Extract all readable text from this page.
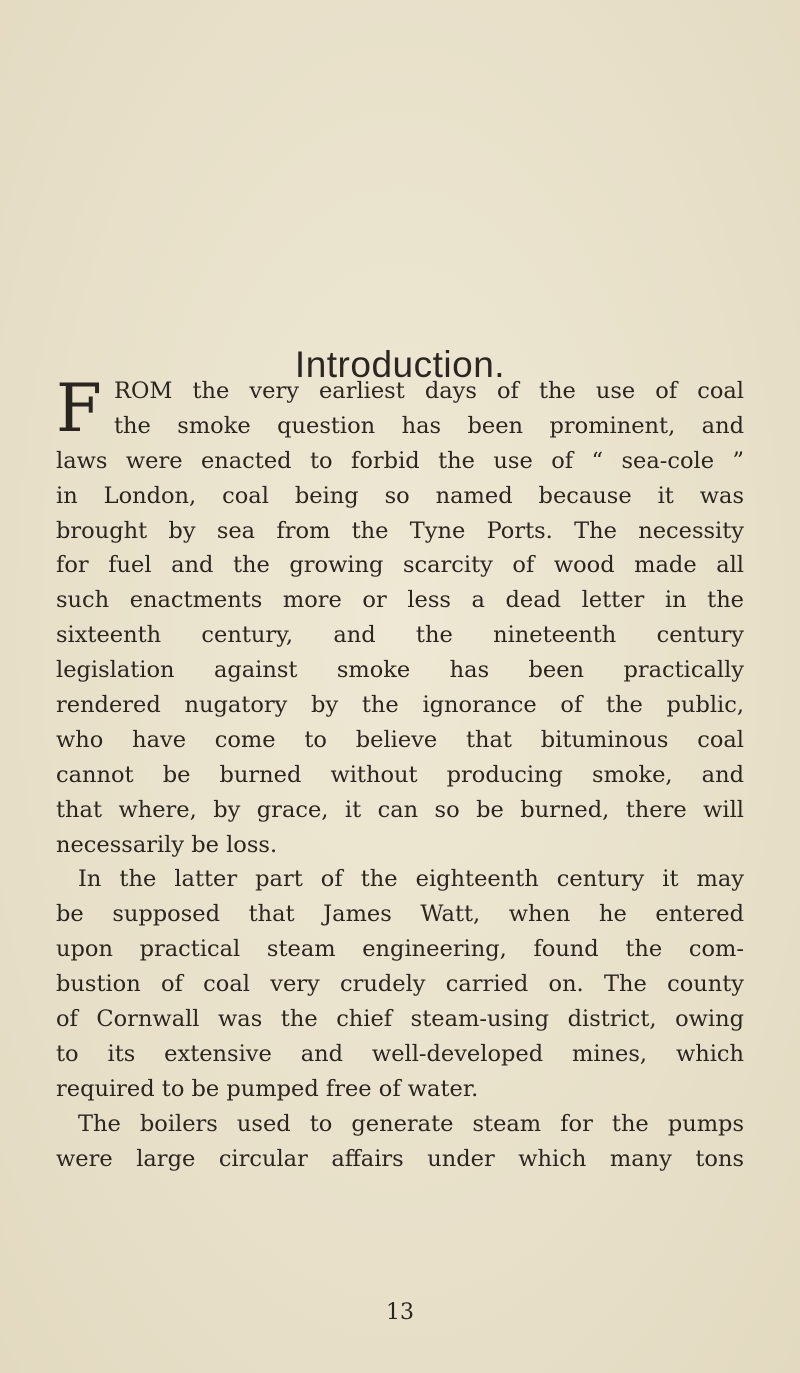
Introduction.
F ROM the very earliest days of the use of coal
the smoke question has been prominent, and
laws were enacted to forbid the use of “ sea-cole ”
in London, coal being so named because it was
brought by sea from the Tyne Ports. The necessity
for fuel and the growing scarcity of wood made all
such enactments more or less a dead letter in the
sixteenth century, and the nineteenth century
legislation against smoke has been practically
rendered nugatory by the ignorance of the public,
who have come to believe that bituminous coal
cannot be burned without producing smoke, and
that where, by grace, it can so be burned, there will
necessarily be loss.
In the latter part of the eighteenth century it may
be supposed that James Watt, when he entered
upon practical steam engineering, found the com-
bustion of coal very crudely carried on. The county
of Cornwall was the chief steam-using district, owing
to its extensive and well-developed mines, which
required to be pumped free of water.
The boilers used to generate steam for the pumps
were large circular affairs under which many tons
13
